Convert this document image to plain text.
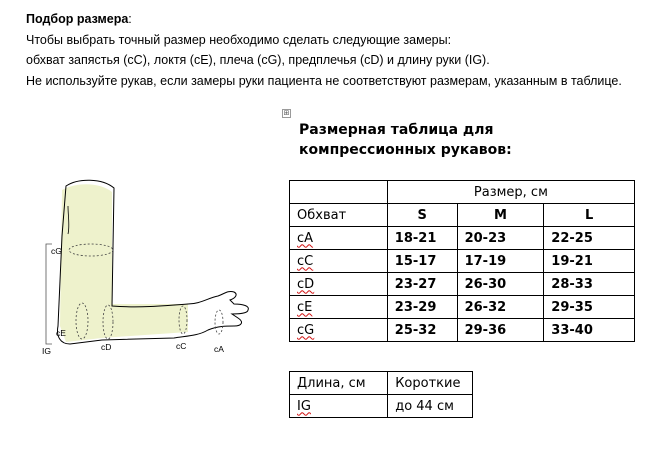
Подбор размера:
Чтобы выбрать точный размер необходимо сделать следующие замеры:
обхват запястья (cC), локтя (cE), плеча (cG), предплечья (cD) и длину руки (IG).
Не используйте рукав, если замеры руки пациента не соответствуют размерам, указанным в таблице.
⊞
Размерная таблица для компрессионных рукавов:
	Размер, см		
Обхват	S	M	L
cA	18-21	20-23	22-25
cC	15-17	17-19	19-21
cD	23-27	26-30	28-33
cE	23-29	26-32	29-35
cG	25-32	29-36	33-40
Длина, см	Короткие
IG	до 44 см
cG
cE
IG	cD	cC	cA
